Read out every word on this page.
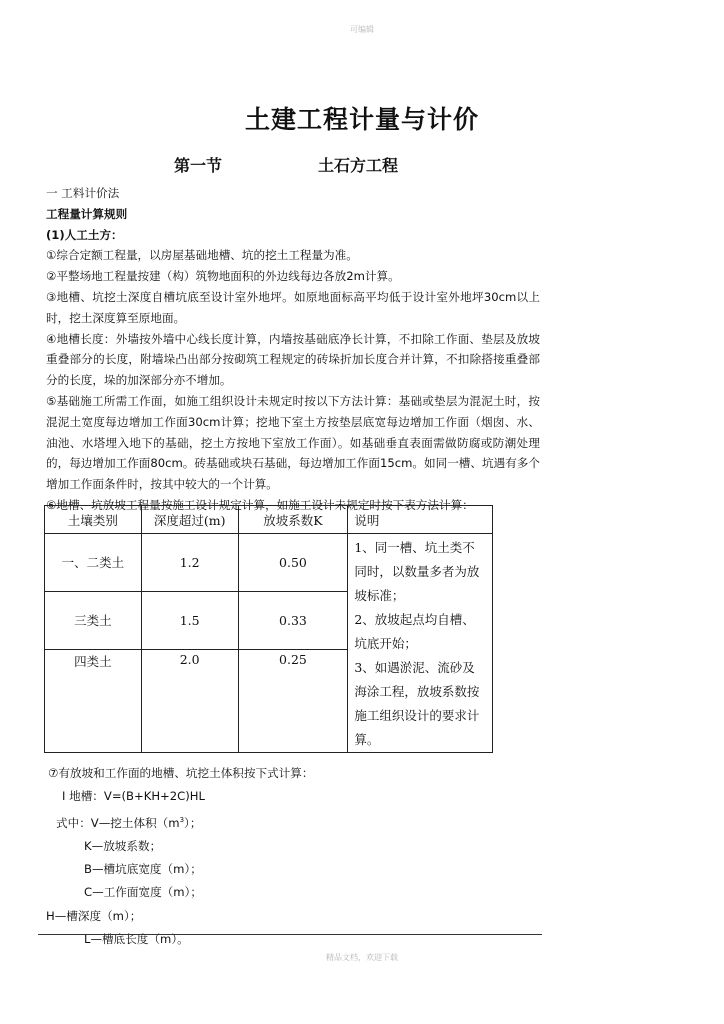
可编辑
土建工程计量与计价
第一节	土石方工程

一 工料计价法

工程量计算规则

(1)人工土方：

①综合定额工程量，以房屋基础地槽、坑的挖土工程量为准。

②平整场地工程量按建（构）筑物地面积的外边线每边各放2m计算。

③地槽、坑挖土深度自槽坑底至设计室外地坪。如原地面标高平均低于设计室外地坪30cm以上时，挖土深度算至原地面。

④地槽长度：外墙按外墙中心线长度计算，内墙按基础底净长计算，不扣除工作面、垫层及放坡重叠部分的长度，附墙垛凸出部分按砌筑工程规定的砖垛折加长度合并计算，不扣除搭接重叠部分的长度，垛的加深部分亦不增加。

⑤基础施工所需工作面，如施工组织设计未规定时按以下方法计算：基础或垫层为混泥土时，按混泥土宽度每边增加工作面30cm计算；挖地下室土方按垫层底宽每边增加工作面（烟囱、水、油池、水塔埋入地下的基础，挖土方按地下室放工作面）。如基础垂直表面需做防腐或防潮处理的，每边增加工作面80cm。砖基础或块石基础，每边增加工作面15cm。如同一槽、坑遇有多个增加工作面条件时，按其中较大的一个计算。

⑥地槽、坑放坡工程量按施工设计规定计算，如施工设计未规定时按下表方法计算：

土壤类别	深度超过(m)	放坡系数K	说明
一、二类土	1.2	0.50	1、同一槽、坑土类不同时，以数量多者为放坡标准；
2、放坡起点均自槽、坑底开始；
3、如遇淤泥、流砂及海涂工程，放坡系数按施工组织设计的要求计算。

三类土	1.5	0.33	
四类土	2.0	0.25	

⑦有放坡和工作面的地槽、坑挖土体积按下式计算：

Ⅰ 地槽：V=(B+KH+2C)HL

式中：V—挖土体积$(m^3)$；

K—放坡系数；

B—槽坑底宽度（m）；

C—工作面宽度（m）；

H—槽深度（m）；

L—槽底长度（m）。

精品文档，欢迎下载
